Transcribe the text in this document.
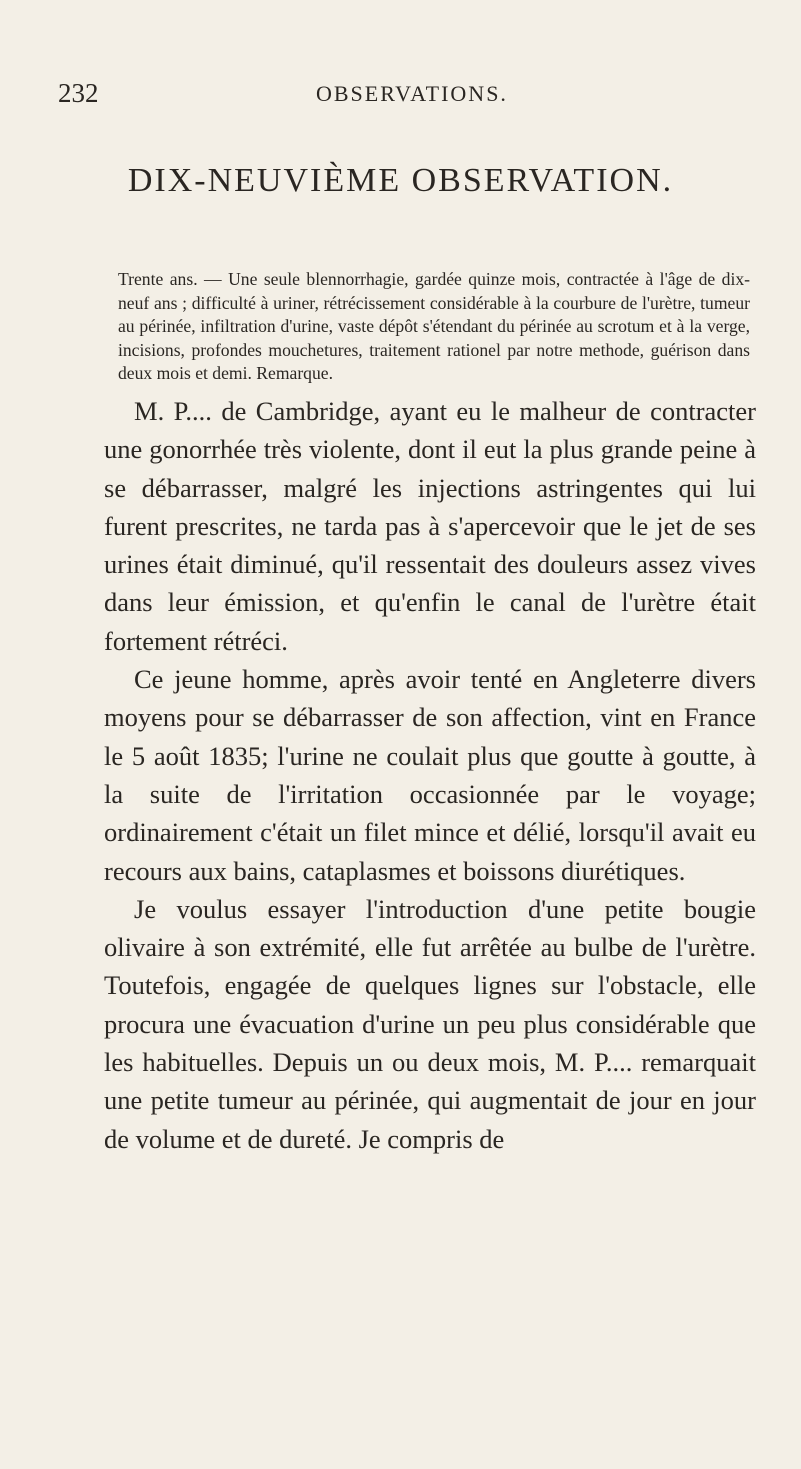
232	OBSERVATIONS.
DIX-NEUVIÈME OBSERVATION.
Trente ans. — Une seule blennorrhagie, gardée quinze mois, contractée à l'âge de dix-neuf ans ; difficulté à uriner, rétrécissement considérable à la courbure de l'urètre, tumeur au périnée, infiltration d'urine, vaste dépôt s'étendant du périnée au scrotum et à la verge, incisions, profondes mouchetures, traitement rationel par notre methode, guérison dans deux mois et demi. Remarque.

M. P.... de Cambridge, ayant eu le malheur de contracter une gonorrhée très violente, dont il eut la plus grande peine à se débarrasser, malgré les injections astringentes qui lui furent prescrites, ne tarda pas à s'apercevoir que le jet de ses urines était diminué, qu'il ressentait des douleurs assez vives dans leur émission, et qu'enfin le canal de l'urètre était fortement rétréci.

Ce jeune homme, après avoir tenté en Angleterre divers moyens pour se débarrasser de son affection, vint en France le 5 août 1835; l'urine ne coulait plus que goutte à goutte, à la suite de l'irritation occasionnée par le voyage; ordinairement c'était un filet mince et délié, lorsqu'il avait eu recours aux bains, cataplasmes et boissons diurétiques.

Je voulus essayer l'introduction d'une petite bougie olivaire à son extrémité, elle fut arrêtée au bulbe de l'urètre. Toutefois, engagée de quelques lignes sur l'obstacle, elle procura une évacuation d'urine un peu plus considérable que les habituelles. Depuis un ou deux mois, M. P.... remarquait une petite tumeur au périnée, qui augmentait de jour en jour de volume et de dureté. Je compris de
